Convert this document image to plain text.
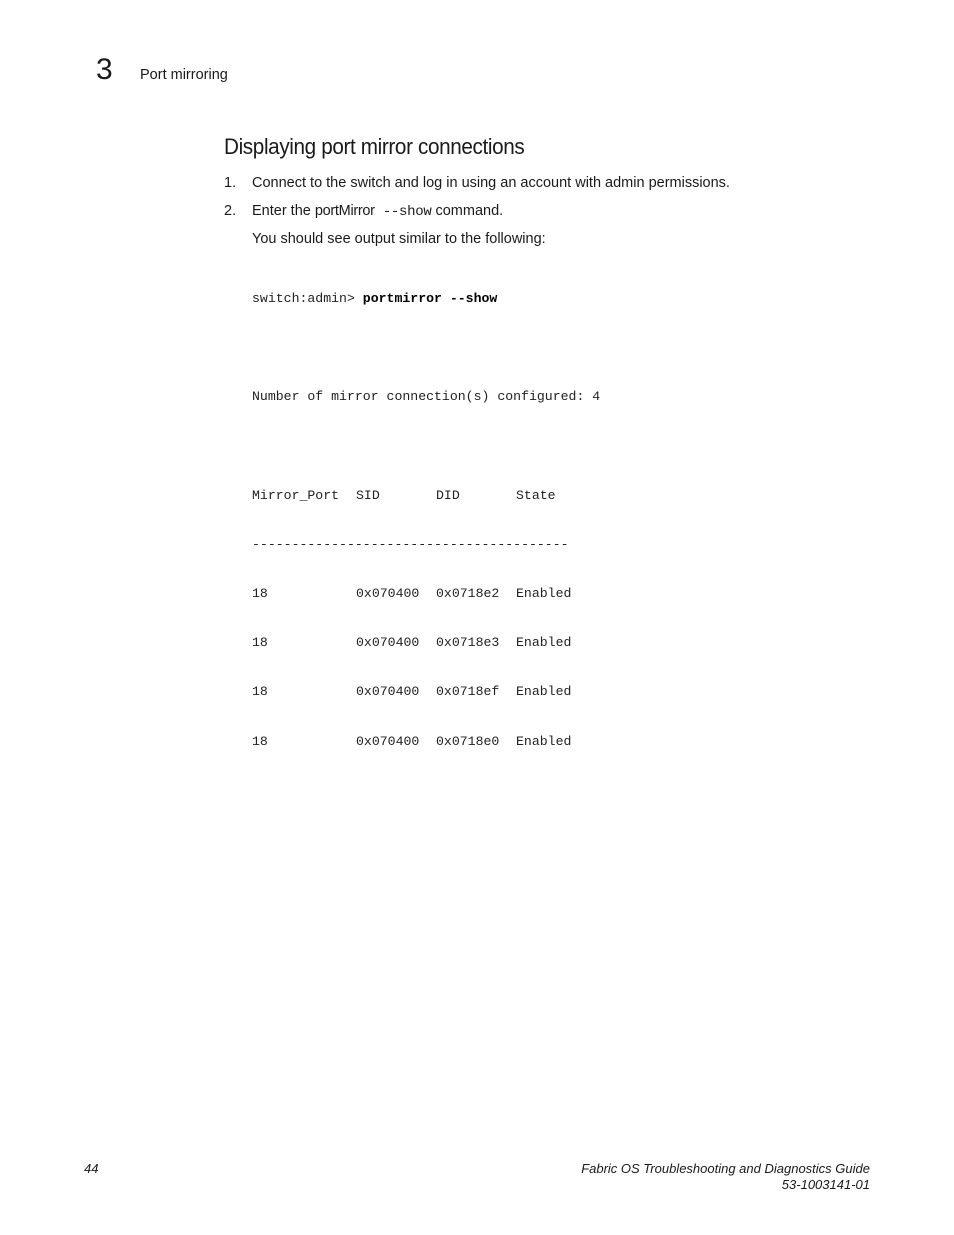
3 Port mirroring
Displaying port mirror connections
1. Connect to the switch and log in using an account with admin permissions.
2. Enter the portMirror --show command.
You should see output similar to the following:

switch:admin> portmirror --show

Number of mirror connection(s) configured: 4

Mirror_Port SID	DID	State

----------------------------------------

18	0x070400 0x0718e2 Enabled

18	0x070400 0x0718e3 Enabled

18	0x070400 0x0718ef Enabled

18	0x070400 0x0718e0 Enabled

44	Fabric OS Troubleshooting and Diagnostics Guide
53-1003141-01
